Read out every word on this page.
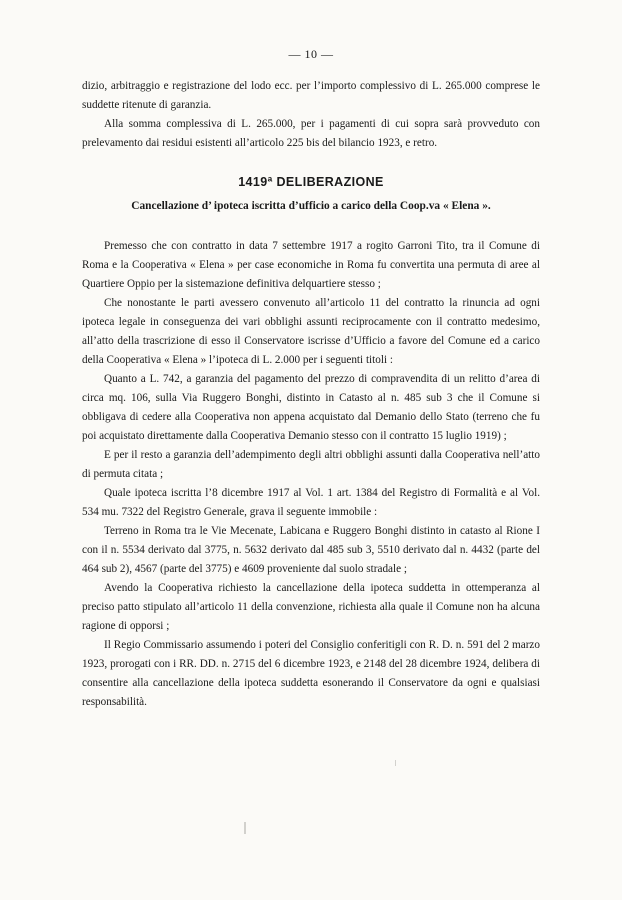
— 10 —

dizio, arbitraggio e registrazione del lodo ecc. per l’importo complessivo di L. 265.000 comprese le suddette ritenute di garanzia.

Alla somma complessiva di L. 265.000, per i pagamenti di cui sopra sarà provveduto con prelevamento dai residui esistenti all’articolo 225 bis del bilancio 1923, e retro.

1419ª DELIBERAZIONE
Cancellazione d’ ipoteca iscritta d’ufficio a carico della Coop.va « Elena ».

Premesso che con contratto in data 7 settembre 1917 a rogito Garroni Tito, tra il Comune di Roma e la Cooperativa « Elena » per case economiche in Roma fu convertita una permuta di aree al Quartiere Oppio per la sistemazione definitiva delquartiere stesso ;

Che nonostante le parti avessero convenuto all’articolo 11 del contratto la rinuncia ad ogni ipoteca legale in conseguenza dei vari obblighi assunti reciprocamente con il contratto medesimo, all’atto della trascrizione di esso il Conservatore iscrisse d’Ufficio a favore del Comune ed a carico della Cooperativa « Elena » l’ipoteca di L. 2.000 per i seguenti titoli :

Quanto a L. 742, a garanzia del pagamento del prezzo di compravendita di un relitto d’area di circa mq. 106, sulla Via Ruggero Bonghi, distinto in Catasto al n. 485 sub 3 che il Comune si obbligava di cedere alla Cooperativa non appena acquistato dal Demanio dello Stato (terreno che fu poi acquistato direttamente dalla Cooperativa Demanio stesso con il contratto 15 luglio 1919) ;

E per il resto a garanzia dell’adempimento degli altri obblighi assunti dalla Cooperativa nell’atto di permuta citata ;

Quale ipoteca iscritta l’8 dicembre 1917 al Vol. 1 art. 1384 del Registro di Formalità e al Vol. 534 mu. 7322 del Registro Generale, grava il seguente immobile :

Terreno in Roma tra le Vie Mecenate, Labicana e Ruggero Bonghi distinto in catasto al Rione I con il n. 5534 derivato dal 3775, n. 5632 derivato dal 485 sub 3, 5510 derivato dal n. 4432 (parte del 464 sub 2), 4567 (parte del 3775) e 4609 proveniente dal suolo stradale ;

Avendo la Cooperativa richiesto la cancellazione della ipoteca suddetta in ottemperanza al preciso patto stipulato all’articolo 11 della convenzione, richiesta alla quale il Comune non ha alcuna ragione di opporsi ;

Il Regio Commissario assumendo i poteri del Consiglio conferitigli con R. D. n. 591 del 2 marzo 1923, prorogati con i RR. DD. n. 2715 del 6 dicembre 1923, e 2148 del 28 dicembre 1924, delibera di consentire alla cancellazione della ipoteca suddetta esonerando il Conservatore da ogni e qualsiasi responsabilità.
